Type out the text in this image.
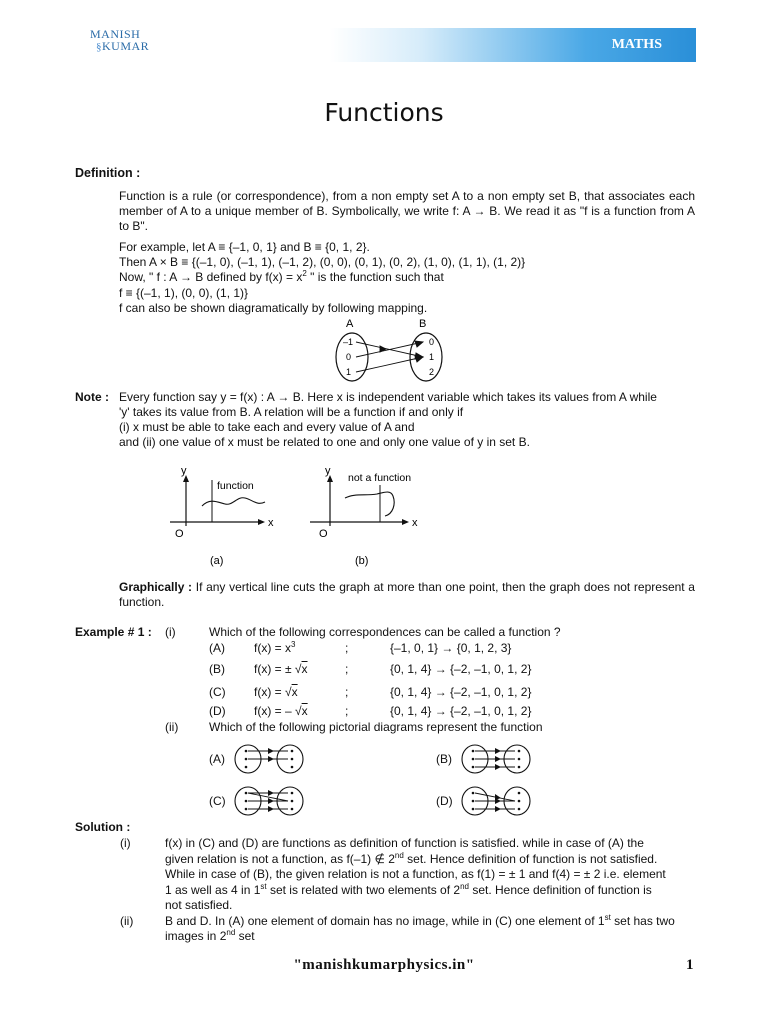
MANISH
§KUMAR	MATHS
Functions
Definition :
Function is a rule (or correspondence), from a non empty set A to a non empty set B, that associates each member of A to a unique member of B. Symbolically, we write f: A → B. We read it as "f is a function from A to B".
For example, let A ≡ {–1, 0, 1} and B ≡ {0, 1, 2}.
Then A × B ≡ {(–1, 0), (–1, 1), (–1, 2), (0, 0), (0, 1), (0, 2), (1, 0), (1, 1), (1, 2)}
Now, " f : A → B defined by $f(x) = x^2$ " is the function such that
f ≡ {(–1, 1), (0, 0), (1, 1)}
f can also be shown diagramatically by following mapping.
A	B
–1
0
1
0
1
2
Note : Every function say y = f(x) : A → B. Here x is independent variable which takes its values from A while
'y' takes its value from B. A relation will be a function if and only if
(i) x must be able to take each and every value of A and
and (ii) one value of x must be related to one and only one value of y in set B.
y
x
O
function
(a)
y
x
O
not a function
(b)
Graphically : If any vertical line cuts the graph at more than one point, then the graph does not represent a function.
Example # 1 : (i)	Which of the following correspondences can be called a function ?
(A) $f(x) = x^3$	;	{–1, 0, 1} → {0, 1, 2, 3}
(B) f(x) = ± √x	;	{0, 1, 4} → {–2, –1, 0, 1, 2}
(C) f(x) = √x	;	{0, 1, 4} → {–2, –1, 0, 1, 2}
(D) f(x) = – √x	;	{0, 1, 4} → {–2, –1, 0, 1, 2}
(ii)	Which of the following pictorial diagrams represent the function
(A)	(B)
(C)	(D)
Solution :
(i)	f(x) in (C) and (D) are functions as definition of function is satisfied. while in case of (A) the
given relation is not a function, as f(–1) ∉ 2nd set. Hence definition of function is not satisfied.
While in case of (B), the given relation is not a function, as f(1) = ± 1 and f(4) = ± 2 i.e. element
1 as well as 4 in 1st set is related with two elements of 2nd set. Hence definition of function is
not satisfied.
(ii)	B and D. In (A) one element of domain has no image, while in (C) one element of 1st set has two
images in 2nd set
"manishkumarphysics.in"	1
